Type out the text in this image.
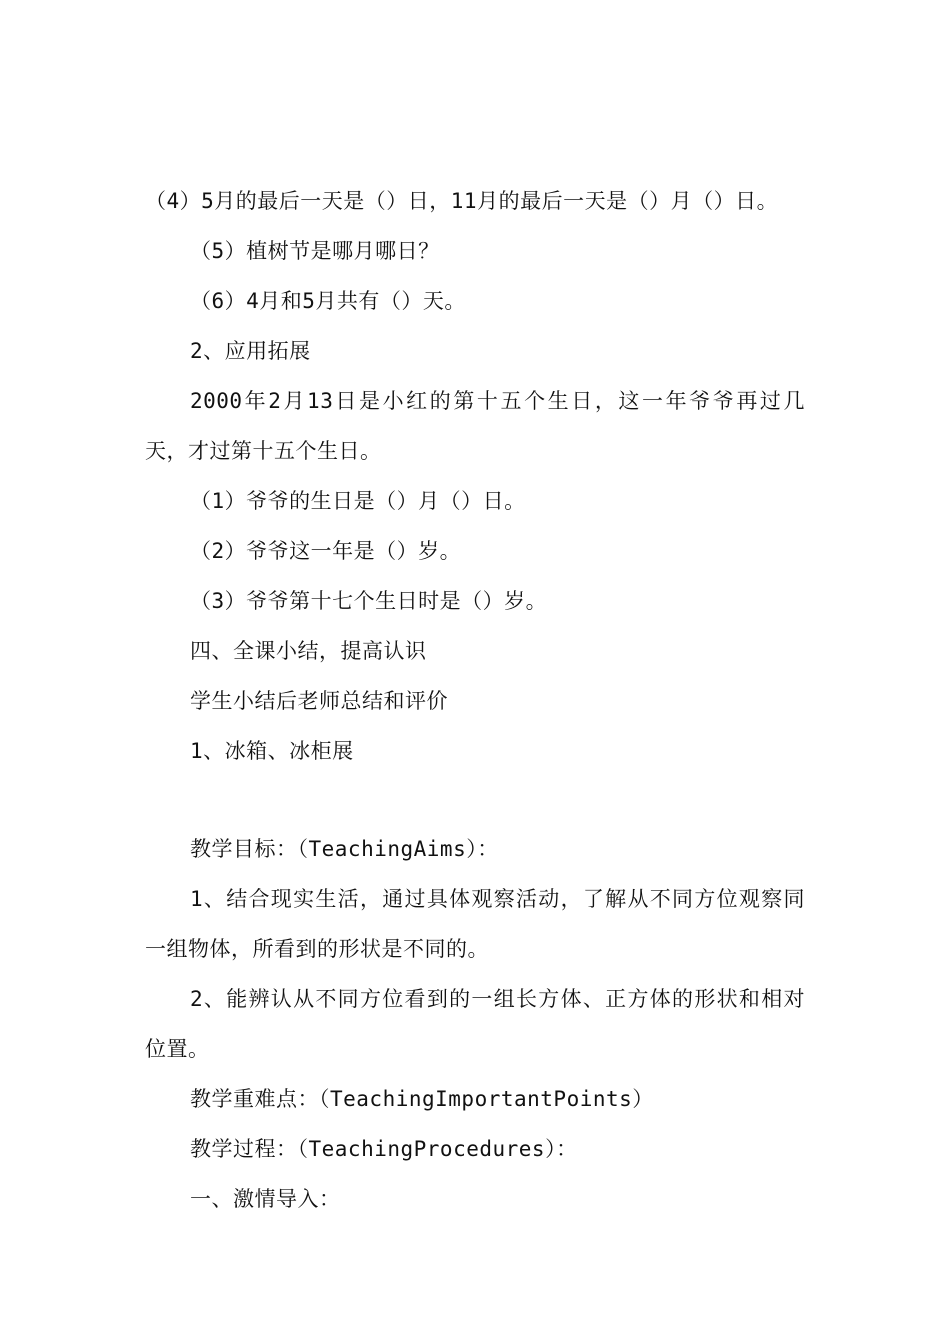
（4）5月的最后一天是（）日，11月的最后一天是（）月（）日。
（5）植树节是哪月哪日？
（6）4月和5月共有（）天。
2、应用拓展
2000年2月13日是小红的第十五个生日，这一年爷爷再过几
天，才过第十五个生日。
（1）爷爷的生日是（）月（）日。
（2）爷爷这一年是（）岁。
（3）爷爷第十七个生日时是（）岁。
四、全课小结，提高认识
学生小结后老师总结和评价
1、冰箱、冰柜展
教学目标：（TeachingAims）：
1、结合现实生活，通过具体观察活动，了解从不同方位观察同
一组物体，所看到的形状是不同的。
2、能辨认从不同方位看到的一组长方体、正方体的形状和相对
位置。
教学重难点：（TeachingImportantPoints）
教学过程：（TeachingProcedures）：
一、激情导入：
